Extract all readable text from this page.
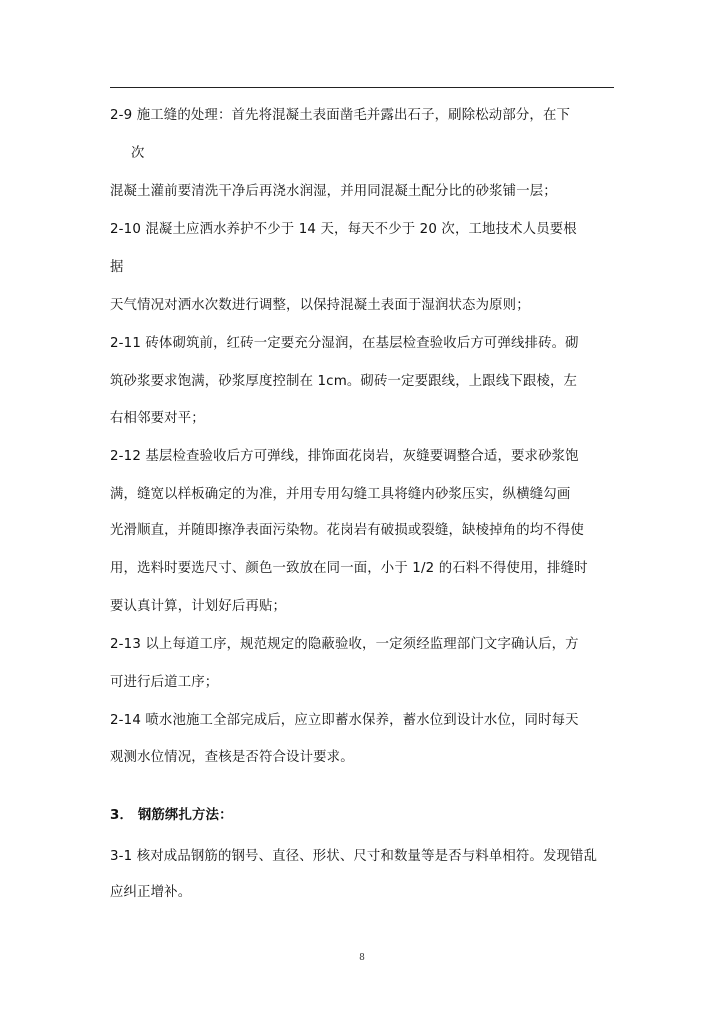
2-9 施工缝的处理：首先将混凝土表面凿毛并露出石子，刷除松动部分，在下
次
混凝土灌前要清洗干净后再浇水润湿，并用同混凝土配分比的砂浆铺一层；
2-10 混凝土应洒水养护不少于 14 天，每天不少于 20 次，工地技术人员要根
据
天气情况对洒水次数进行调整，以保持混凝土表面于湿润状态为原则；
2-11 砖体砌筑前，红砖一定要充分湿润，在基层检查验收后方可弹线排砖。砌
筑砂浆要求饱满，砂浆厚度控制在 1cm。砌砖一定要跟线，上跟线下跟棱，左
右相邻要对平；
2-12 基层检查验收后方可弹线，排饰面花岗岩，灰缝要调整合适，要求砂浆饱
满，缝宽以样板确定的为准，并用专用勾缝工具将缝内砂浆压实，纵横缝勾画
光滑顺直，并随即擦净表面污染物。花岗岩有破损或裂缝，缺棱掉角的均不得使
用，选料时要选尺寸、颜色一致放在同一面，小于 1/2 的石料不得使用，排缝时
要认真计算，计划好后再贴；
2-13 以上每道工序，规范规定的隐蔽验收，一定须经监理部门文字确认后，方
可进行后道工序；
2-14 喷水池施工全部完成后，应立即蓄水保养，蓄水位到设计水位，同时每天
观测水位情况，查核是否符合设计要求。
3． 钢筋绑扎方法：
3-1 核对成品钢筋的钢号、直径、形状、尺寸和数量等是否与料单相符。发现错乱
应纠正增补。
8
